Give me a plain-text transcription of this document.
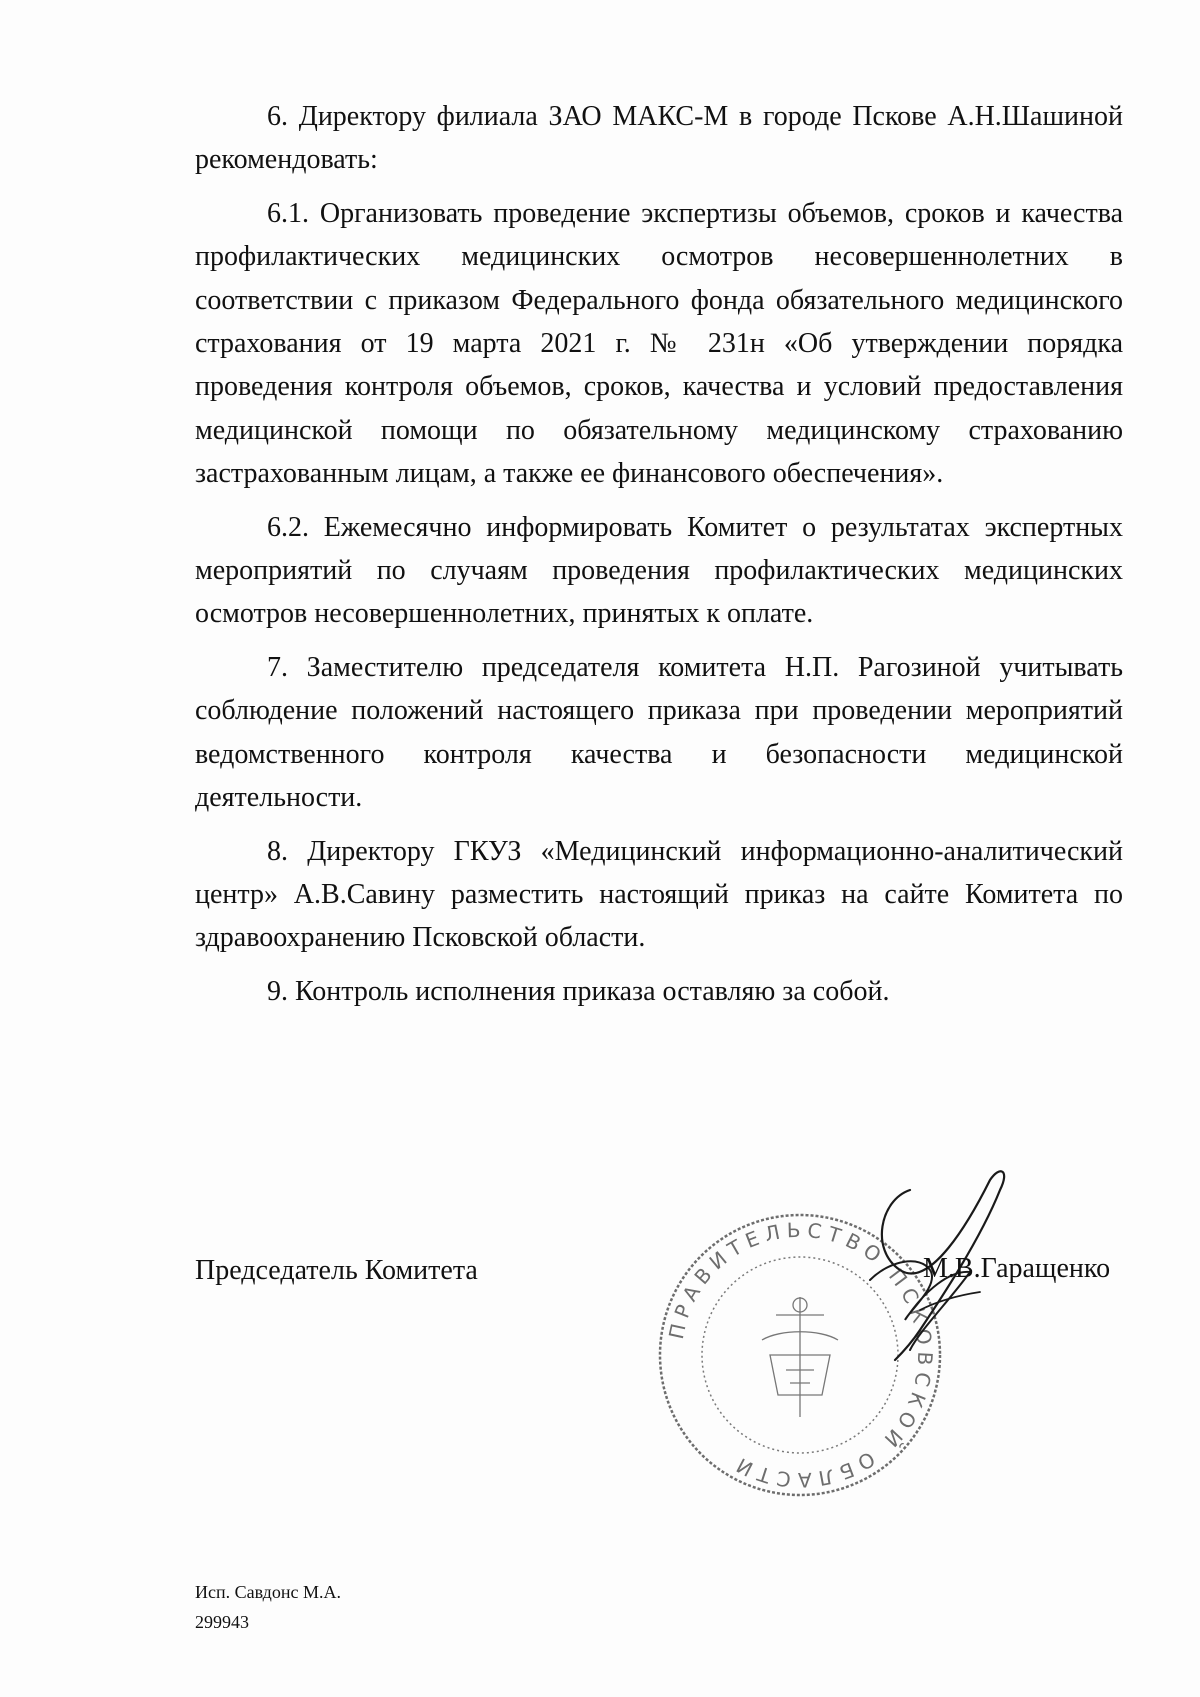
6. Директору филиала ЗАО МАКС-М в городе Пскове А.Н.Шашиной рекомендовать:

6.1. Организовать проведение экспертизы объемов, сроков и качества профилактических медицинских осмотров несовершеннолетних в соответствии с приказом Федерального фонда обязательного медицинского страхования от 19 марта 2021 г. № 231н «Об утверждении порядка проведения контроля объемов, сроков, качества и условий предоставления медицинской помощи по обязательному медицинскому страхованию застрахованным лицам, а также ее финансового обеспечения».

6.2. Ежемесячно информировать Комитет о результатах экспертных мероприятий по случаям проведения профилактических медицинских осмотров несовершеннолетних, принятых к оплате.

7. Заместителю председателя комитета Н.П. Рагозиной учитывать соблюдение положений настоящего приказа при проведении мероприятий ведомственного контроля качества и безопасности медицинской деятельности.

8. Директору ГКУЗ «Медицинский информационно-аналитический центр» А.В.Савину разместить настоящий приказ на сайте Комитета по здравоохранению Псковской области.

9. Контроль исполнения приказа оставляю за собой.

Председатель Комитета
ПРАВИТЕЛЬСТВО ПСКОВСКОЙ ОБЛАСТИ
М.В.Гаращенко
Исп. Савдонс М.А.
299943
